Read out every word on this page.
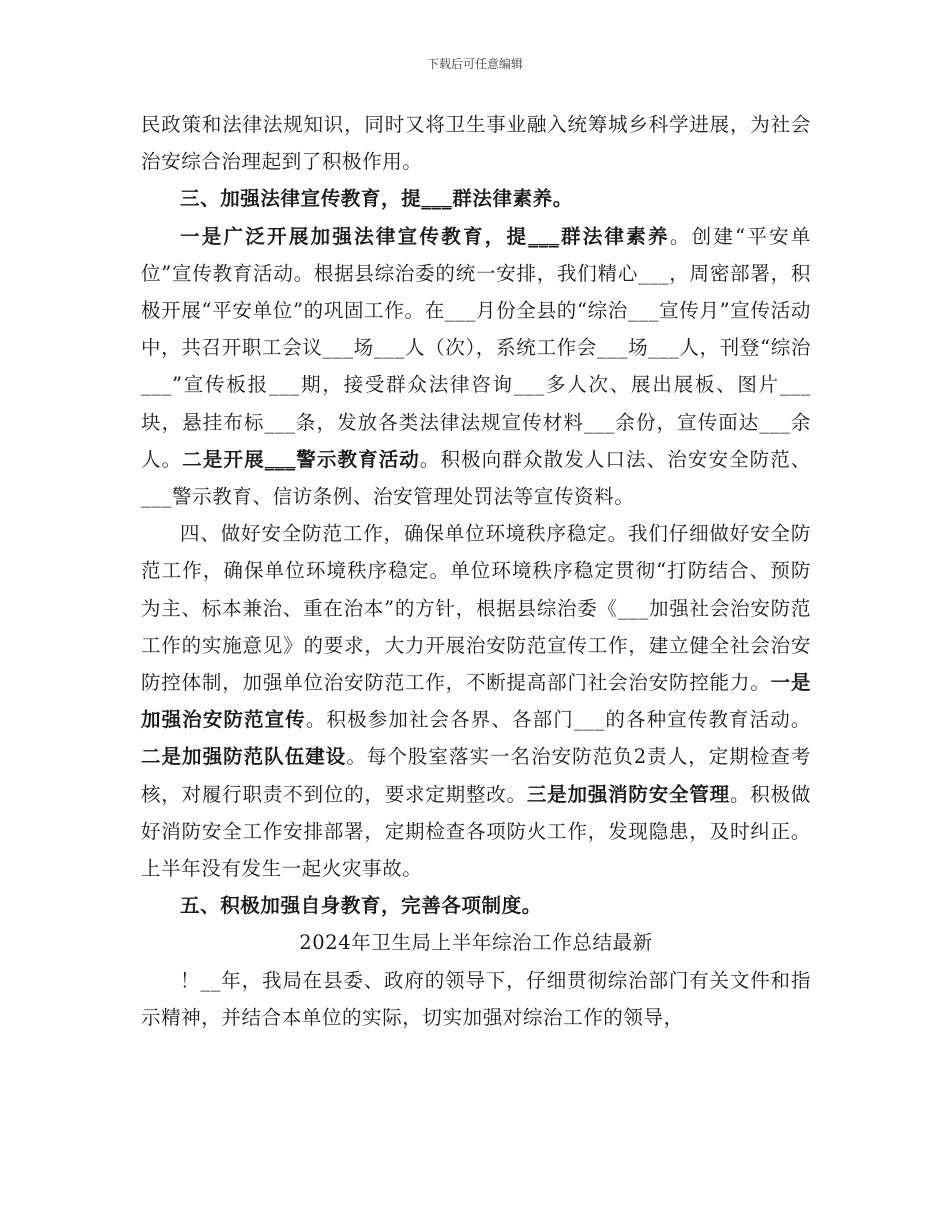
下载后可任意编辑

民政策和法律法规知识，同时又将卫生事业融入统筹城乡科学进展，为社会治安综合治理起到了积极作用。

三、加强法律宣传教育，提___群法律素养。

一是广泛开展加强法律宣传教育，提___群法律素养。创建“平安单位”宣传教育活动。根据县综治委的统一安排，我们精心___，周密部署，积极开展“平安单位”的巩固工作。在___月份全县的“综治___宣传月”宣传活动中，共召开职工会议___场___人（次），系统工作会___场___人，刊登“综治___”宣传板报___期，接受群众法律咨询___多人次、展出展板、图片___块，悬挂布标___条，发放各类法律法规宣传材料___余份，宣传面达___余人。二是开展___警示教育活动。积极向群众散发人口法、治安安全防范、___警示教育、信访条例、治安管理处罚法等宣传资料。

四、做好安全防范工作，确保单位环境秩序稳定。我们仔细做好安全防范工作，确保单位环境秩序稳定。单位环境秩序稳定贯彻“打防结合、预防为主、标本兼治、重在治本”的方针，根据县综治委《___加强社会治安防范工作的实施意见》的要求，大力开展治安防范宣传工作，建立健全社会治安防控体制，加强单位治安防范工作，不断提高部门社会治安防控能力。一是加强治安防范宣传。积极参加社会各界、各部门___的各种宣传教育活动。二是加强防范队伍建设。每个股室落实一名治安防范负2责人，定期检查考核，对履行职责不到位的，要求定期整改。三是加强消防安全管理。积极做好消防安全工作安排部署，定期检查各项防火工作，发现隐患，及时纠正。上半年没有发生一起火灾事故。

五、积极加强自身教育，完善各项制度。

2024年卫生局上半年综治工作总结最新

！__年，我局在县委、政府的领导下，仔细贯彻综治部门有关文件和指示精神，并结合本单位的实际，切实加强对综治工作的领导，
